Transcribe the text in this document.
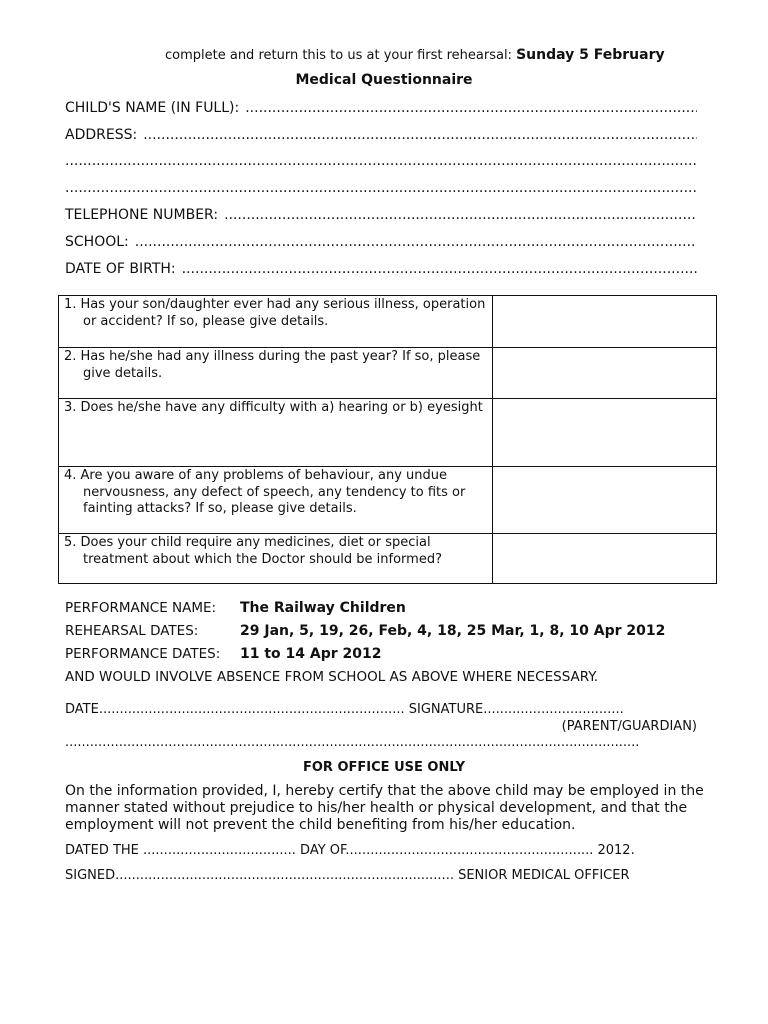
complete and return this to us at your first rehearsal: Sunday 5 February
Medical Questionnaire
CHILD'S NAME (IN FULL):
.....
ADDRESS:
.....
.....
.....
TELEPHONE NUMBER:
.....
SCHOOL:
.....
DATE OF BIRTH:
.....
1. Has your son/daughter ever had any serious illness, operation or accident? If so, please give details.	

2. Has he/she had any illness during the past year? If so, please give details.	

3. Does he/she have any difficulty with a) hearing or b) eyesight	

4. Are you aware of any problems of behaviour, any undue nervousness, any defect of speech, any tendency to fits or fainting attacks? If so, please give details.	

5. Does your child require any medicines, diet or special treatment about which the Doctor should be informed?	

PERFORMANCE NAME: The Railway Children
REHEARSAL DATES:	29 Jan, 5, 19, 26, Feb, 4, 18, 25 Mar, 1, 8, 10 Apr 2012
PERFORMANCE DATES: 11 to 14 Apr 2012
AND WOULD INVOLVE ABSENCE FROM SCHOOL AS ABOVE WHERE NECESSARY.
DATE.......................................................................... SIGNATURE..................................
(PARENT/GUARDIAN)
...........................................................................................................................................
FOR OFFICE USE ONLY
On the information provided, I, hereby certify that the above child may be employed in the manner stated without prejudice to his/her health or physical development, and that the employment will not prevent the child benefiting from his/her education.
DATED THE ..................................... DAY OF............................................................ 2012.
SIGNED.................................................................................. SENIOR MEDICAL OFFICER
